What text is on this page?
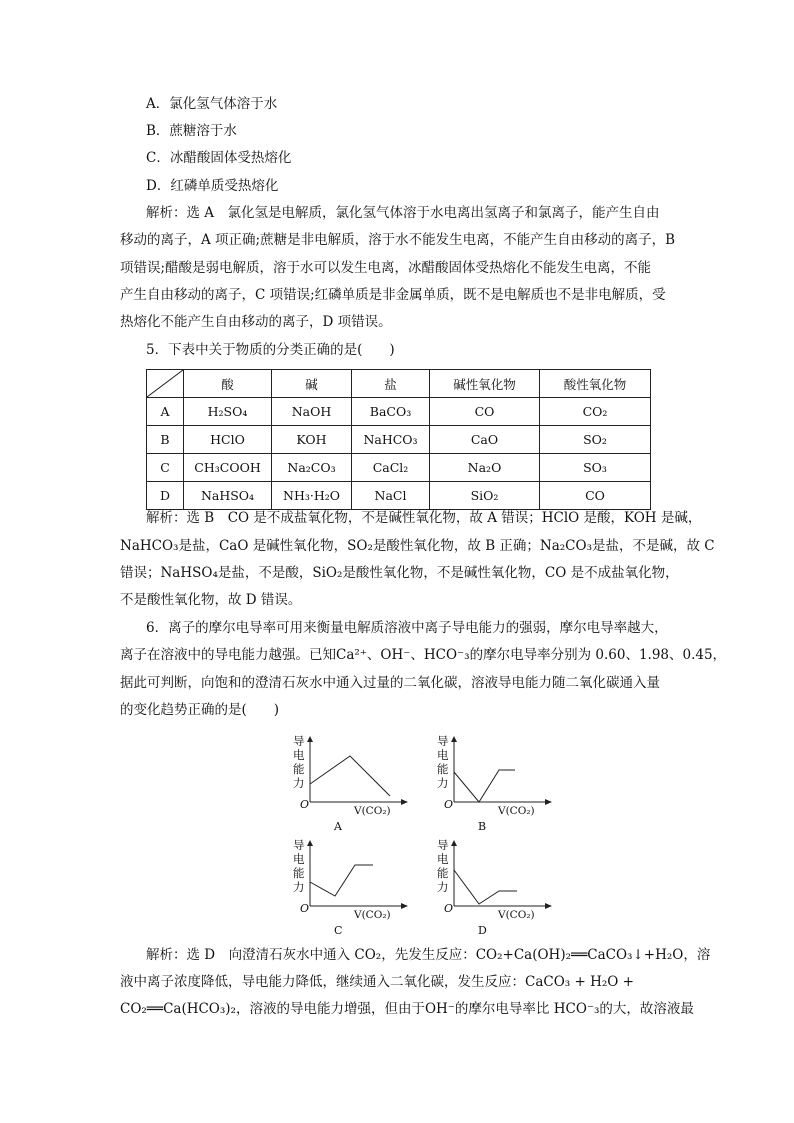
A．氯化氢气体溶于水
B．蔗糖溶于水
C．冰醋酸固体受热熔化
D．红磷单质受热熔化
解析：选 A　氯化氢是电解质，氯化氢气体溶于水电离出氢离子和氯离子，能产生自由
移动的离子，A 项正确;蔗糖是非电解质，溶于水不能发生电离，不能产生自由移动的离子，B
项错误;醋酸是弱电解质，溶于水可以发生电离，冰醋酸固体受热熔化不能发生电离，不能
产生自由移动的离子，C 项错误;红磷单质是非金属单质，既不是电解质也不是非电解质，受
热熔化不能产生自由移动的离子，D 项错误。
5．下表中关于物质的分类正确的是(　　)
	酸	碱	盐	碱性氧化物	酸性氧化物
A	H₂SO₄	NaOH	BaCO₃	CO	CO₂
B	HClO	KOH	NaHCO₃	CaO	SO₂
C	CH₃COOH	Na₂CO₃	CaCl₂	Na₂O	SO₃
D	NaHSO₄	NH₃·H₂O	NaCl	SiO₂	CO
解析：选 B　CO 是不成盐氧化物，不是碱性氧化物，故 A 错误；HClO 是酸，KOH 是碱，
NaHCO₃是盐，CaO 是碱性氧化物，SO₂是酸性氧化物，故 B 正确；Na₂CO₃是盐，不是碱，故 C
错误；NaHSO₄是盐，不是酸，SiO₂是酸性氧化物，不是碱性氧化物，CO 是不成盐氧化物，
不是酸性氧化物，故 D 错误。
6．离子的摩尔电导率可用来衡量电解质溶液中离子导电能力的强弱，摩尔电导率越大，
离子在溶液中的导电能力越强。已知Ca²⁺、OH⁻、HCO⁻₃的摩尔电导率分别为 0.60、1.98、0.45，
据此可判断，向饱和的澄清石灰水中通入过量的二氧化碳，溶液导电能力随二氧化碳通入量
的变化趋势正确的是(　　)
导
电
能
力
O	V(CO₂)
A
导
电
能
力
O	V(CO₂)
B
导
电
能
力
O	V(CO₂)
C
导
电
能
力
O	V(CO₂)
D
解析：选 D　向澄清石灰水中通入 CO₂，先发生反应：CO₂+Ca(OH)₂══CaCO₃↓+H₂O，溶
液中离子浓度降低，导电能力降低，继续通入二氧化碳，发生反应：CaCO₃ + H₂O +
CO₂══Ca(HCO₃)₂，溶液的导电能力增强，但由于OH⁻的摩尔电导率比 HCO⁻₃的大，故溶液最
